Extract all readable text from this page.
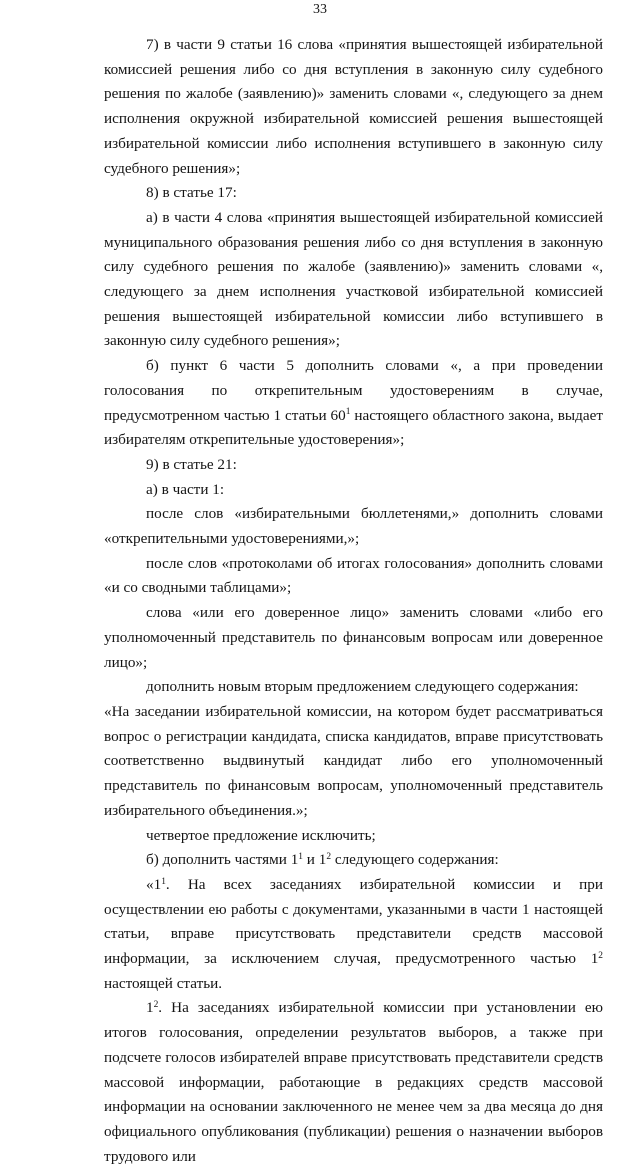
33

7) в части 9 статьи 16 слова «принятия вышестоящей избирательной комиссией решения либо со дня вступления в законную силу судебного решения по жалобе (заявлению)» заменить словами «, следующего за днем исполнения окружной избирательной комиссией решения вышестоящей избирательной комиссии либо исполнения вступившего в законную силу судебного решения»;

8) в статье 17:

а) в части 4 слова «принятия вышестоящей избирательной комиссией муниципального образования решения либо со дня вступления в законную силу судебного решения по жалобе (заявлению)» заменить словами «, следующего за днем исполнения участковой избирательной комиссией решения вышестоящей избирательной комиссии либо вступившего в законную силу судебного решения»;

б) пункт 6 части 5 дополнить словами «, а при проведении голосования по открепительным удостоверениям в случае, предусмотренном частью 1 статьи $60^1$ настоящего областного закона, выдает избирателям открепительные удостоверения»;

9) в статье 21:

а) в части 1:

после слов «избирательными бюллетенями,» дополнить словами «открепительными удостоверениями,»;

после слов «протоколами об итогах голосования» дополнить словами «и со сводными таблицами»;

слова «или его доверенное лицо» заменить словами «либо его уполномоченный представитель по финансовым вопросам или доверенное лицо»;

дополнить новым вторым предложением следующего содержания:

«На заседании избирательной комиссии, на котором будет рассматриваться вопрос о регистрации кандидата, списка кандидатов, вправе присутствовать соответственно выдвинутый кандидат либо его уполномоченный представитель по финансовым вопросам, уполномоченный представитель избирательного объединения.»;

четвертое предложение исключить;

б) дополнить частями $1^1$ и $1^2$ следующего содержания:

«$1^1$. На всех заседаниях избирательной комиссии и при осуществлении ею работы с документами, указанными в части 1 настоящей статьи, вправе присутствовать представители средств массовой информации, за исключением случая, предусмотренного частью $1^2$ настоящей статьи.

$1^2$. На заседаниях избирательной комиссии при установлении ею итогов голосования, определении результатов выборов, а также при подсчете голосов избирателей вправе присутствовать представители средств массовой информации, работающие в редакциях средств массовой информации на основании заключенного не менее чем за два месяца до дня официального опубликования (публикации) решения о назначении выборов трудового или
